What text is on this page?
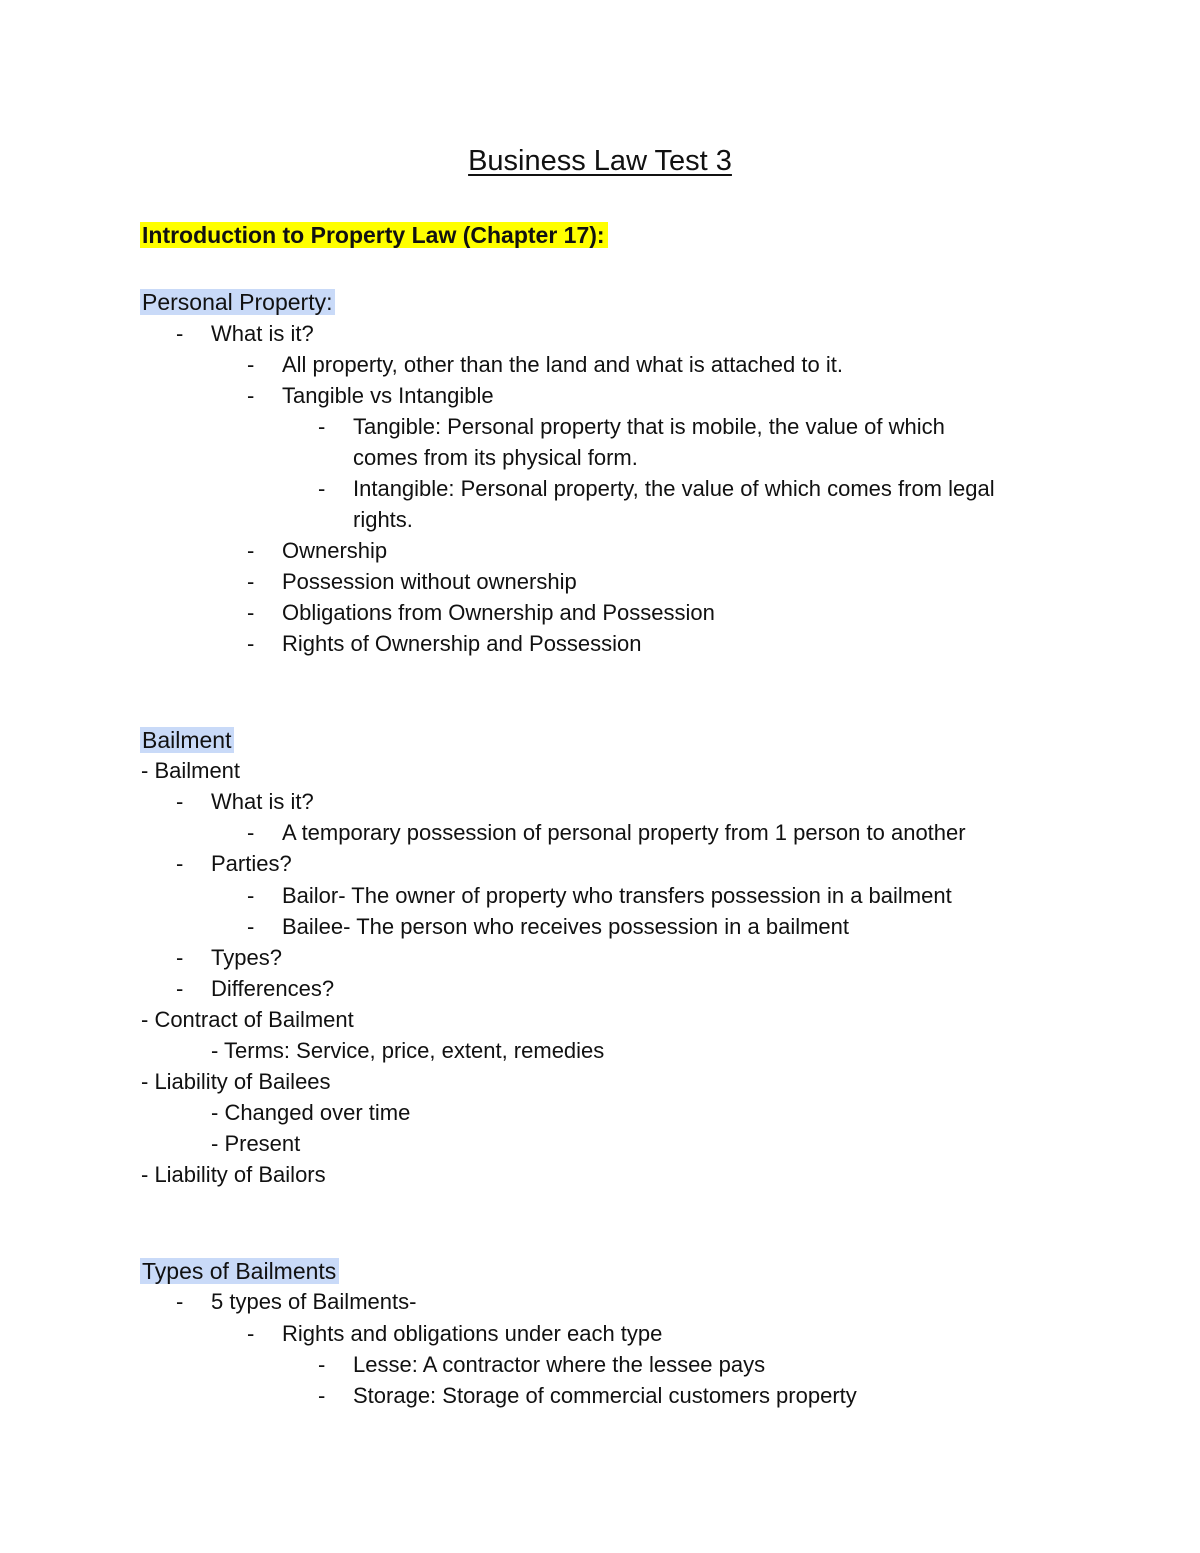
Business Law Test 3
Introduction to Property Law (Chapter 17):
Personal Property:
- What is it?
- All property, other than the land and what is attached to it.
- Tangible vs Intangible
- Tangible: Personal property that is mobile, the value of which
comes from its physical form.
- Intangible: Personal property, the value of which comes from legal
rights.
- Ownership
- Possession without ownership
- Obligations from Ownership and Possession
- Rights of Ownership and Possession
Bailment
- Bailment
- What is it?
- A temporary possession of personal property from 1 person to another
- Parties?
- Bailor- The owner of property who transfers possession in a bailment
- Bailee- The person who receives possession in a bailment
- Types?
- Differences?
- Contract of Bailment
- Terms: Service, price, extent, remedies
- Liability of Bailees
- Changed over time
- Present
- Liability of Bailors
Types of Bailments
- 5 types of Bailments-
- Rights and obligations under each type
- Lesse: A contractor where the lessee pays
- Storage: Storage of commercial customers property
